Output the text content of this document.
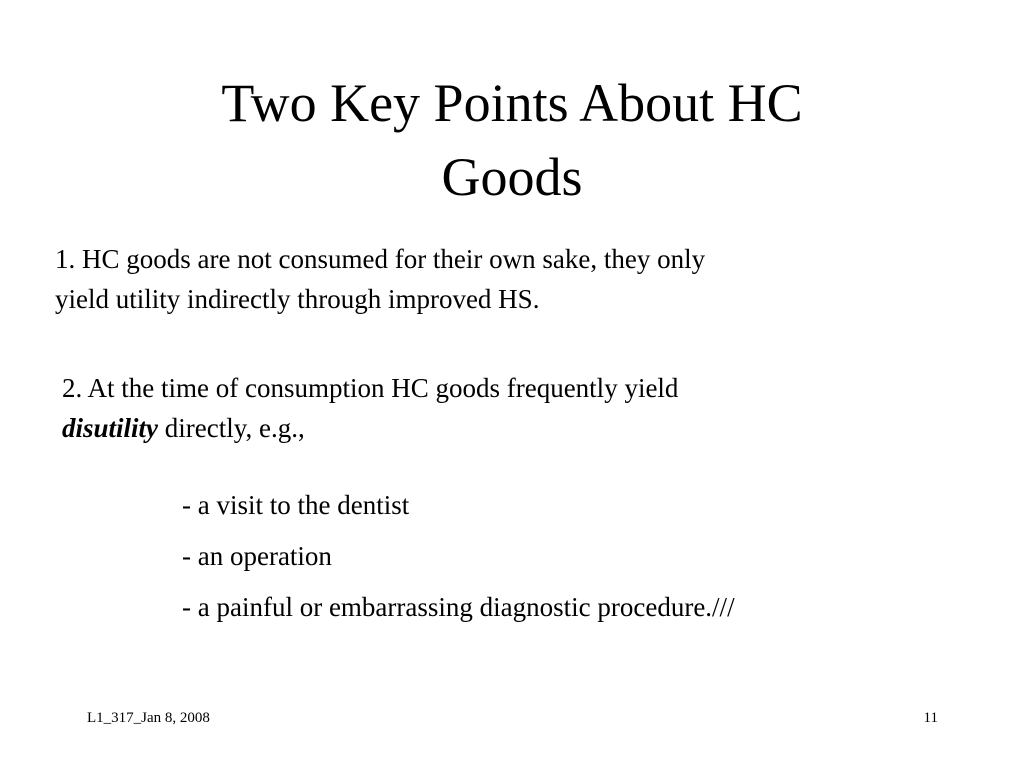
Two Key Points About HC
Goods
1. HC goods are not consumed for their own sake, they only
yield utility indirectly through improved HS.
2. At the time of consumption HC goods frequently yield
disutility directly, e.g.,
- a visit to the dentist
- an operation
- a painful or embarrassing diagnostic procedure.///
L1_317_Jan 8, 2008	11
